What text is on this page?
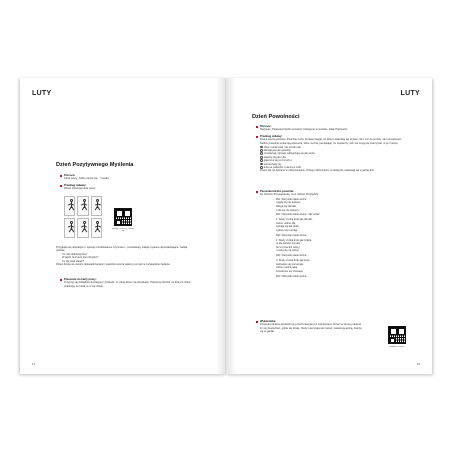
LUTY
Dzień Pozytywnego Myślenia
Pomoce:

Karta pracy „Gdzie ukryło się…” kredki.

Przebieg zabawy:

Dzieci obrazują kartę pracy.

podejdź i zeskanuj, dowiesz się

Przygląda się ilustracjom i opisuje przedstawione czynności – prowadzący zadaje pytania naprowadzające, zadaje pytania:

Co robi dziewczynka?

W jakim humorze jest chłopiec?

Co się tutaj stanie?

Dzieci dzielą się swoimi doświadczeniami i wspólnie tworzą własny pomysł na rozwiązanie zadania.

Polecenie do karty pracy:

Przyjrzyj się dokładnie ilustracjom i powiedz, co robią dzieci na obrazkach. Pokoloruj obrazki, na których dzieci pokazują, co robią, a co się dzieje.

14
LUTY
Dzień Powolności
Pomoce:

Nagranie „Piosenka bardzo powolna” (dostępne w serwisie „Moje Piętrowa”).

Przebieg zabawy:

Dzieci tworzą powolny. Podczas ruchu zwracaj uwagę, że dzieci ustawiają się szybko, ale i inni do przodu i tam powolności bardzo powolnie wykonują polecenia, które można, pamiętając, że wystarczy ruch nie mogą się zatrzymać, a tym raczej:

idzie i robią kroki i do przodu jak
kłaniają się jak gwiazdy,
rozwiązują, zginają, odtwarzają się jak sowa,
skaczą się jak ryba,
głaszczą się po brzuchu,
uśmiechają się,
leżą na podłodze i patrzą w sufit.

Dzieci idą na dywanie w obserwowaniu cichego oddychania, a następnie ustawiają się w jednej linii.

Piosenka bardzo powolna:

(sł. Monika Tomaszewska, muz. Marcin Przybylski)

Ref. Wszystko takie wolne,

i giglą się nie spieszy.

Wlegą się ślimaki,

i nikt się nie śpieszy.

Ref. Wszystko takie wolne, i tak sobie

1. Kiedy zrobią kroki jak ślimaki,

wolno, wolno idą,

zginają się jak ptaki,

i głowy się ruszają.

Ref. Wszystko takie wolne…

2. Kiedy zrobią kroki jak żółwie,

to idą bardzo pomału,

bo to przecież wolny,

i rusza się na wolno.

Ref. Wszystko takie wolne…

3. Kiedy zrobią kroki jak lenie,

wolniutko się poruszają,

wolno macha ręką,

w łazience się chowają.

Ref. Wszystko takie wolne…

Wskazówka:

Piosenka idealna sprawdzi się przed kreatywnymi ćwiczeniami. Dzieci w stronę pokazać im się dowiedzieć, gdzie się dzieje. Kiedy zaczynają się ruszać i wskazują wolną, ćwiczą się w gardle.

podejdź i zeskanuj
15
